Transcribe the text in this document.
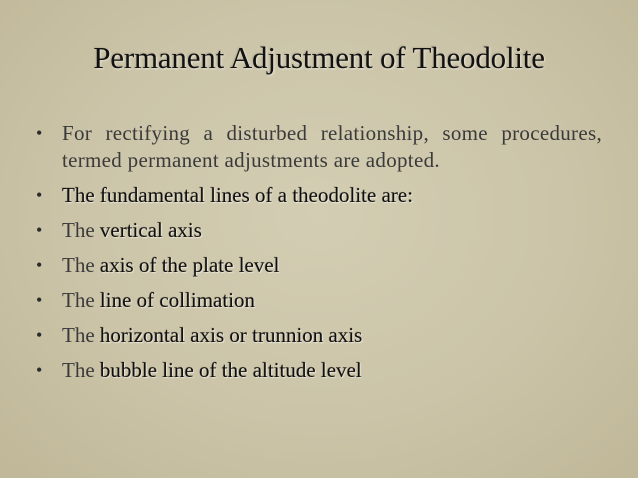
Permanent Adjustment of Theodolite
• For rectifying a disturbed relationship, some procedures, termed permanent adjustments are adopted.
• The fundamental lines of a theodolite are:
• The vertical axis
• The axis of the plate level
• The line of collimation
• The horizontal axis or trunnion axis
• The bubble line of the altitude level
